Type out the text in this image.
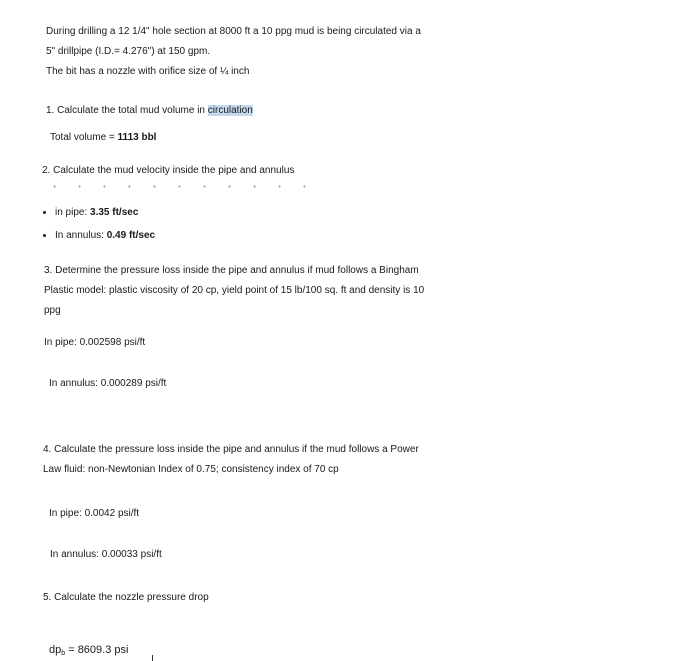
During drilling a 12 1/4" hole section at 8000 ft a 10 ppg mud is being circulated via a
5" drillpipe (I.D.= 4.276") at 150 gpm.
The bit has a nozzle with orifice size of ¼ inch
1. Calculate the total mud volume in circulation
Total volume = 1113 bbl
2. Calculate the mud velocity inside the pipe and annulus
in pipe: 3.35 ft/sec
In annulus: 0.49 ft/sec
3. Determine the pressure loss inside the pipe and annulus if mud follows a Bingham
Plastic model: plastic viscosity of 20 cp, yield point of 15 lb/100 sq. ft and density is 10
ppg
In pipe: 0.002598 psi/ft
In annulus: 0.000289 psi/ft
4. Calculate the pressure loss inside the pipe and annulus if the mud follows a Power
Law fluid: non-Newtonian Index of 0.75; consistency index of 70 cp
In pipe: 0.0042 psi/ft
In annulus: 0.00033 psi/ft
5. Calculate the nozzle pressure drop
$dp_b = 8609.3$ psi
